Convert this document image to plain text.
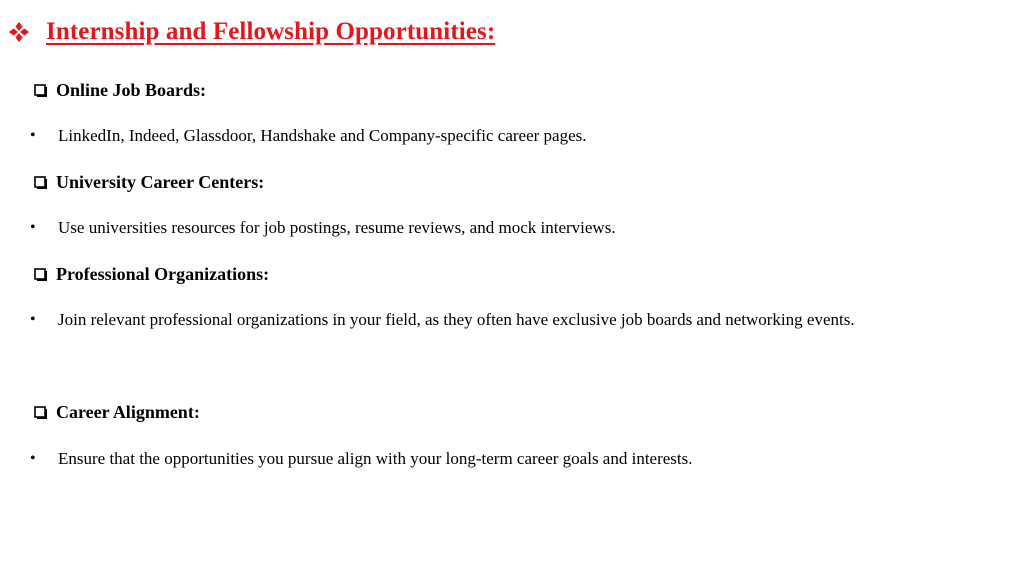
Internship and Fellowship Opportunities:
Online Job Boards:
•	LinkedIn, Indeed, Glassdoor, Handshake and Company-specific career pages.
University Career Centers:
•	Use universities resources for job postings, resume reviews, and mock interviews.
Professional Organizations:
•	Join relevant professional organizations in your field, as they often have exclusive job boards and networking events.
Career Alignment:
•	Ensure that the opportunities you pursue align with your long-term career goals and interests.
